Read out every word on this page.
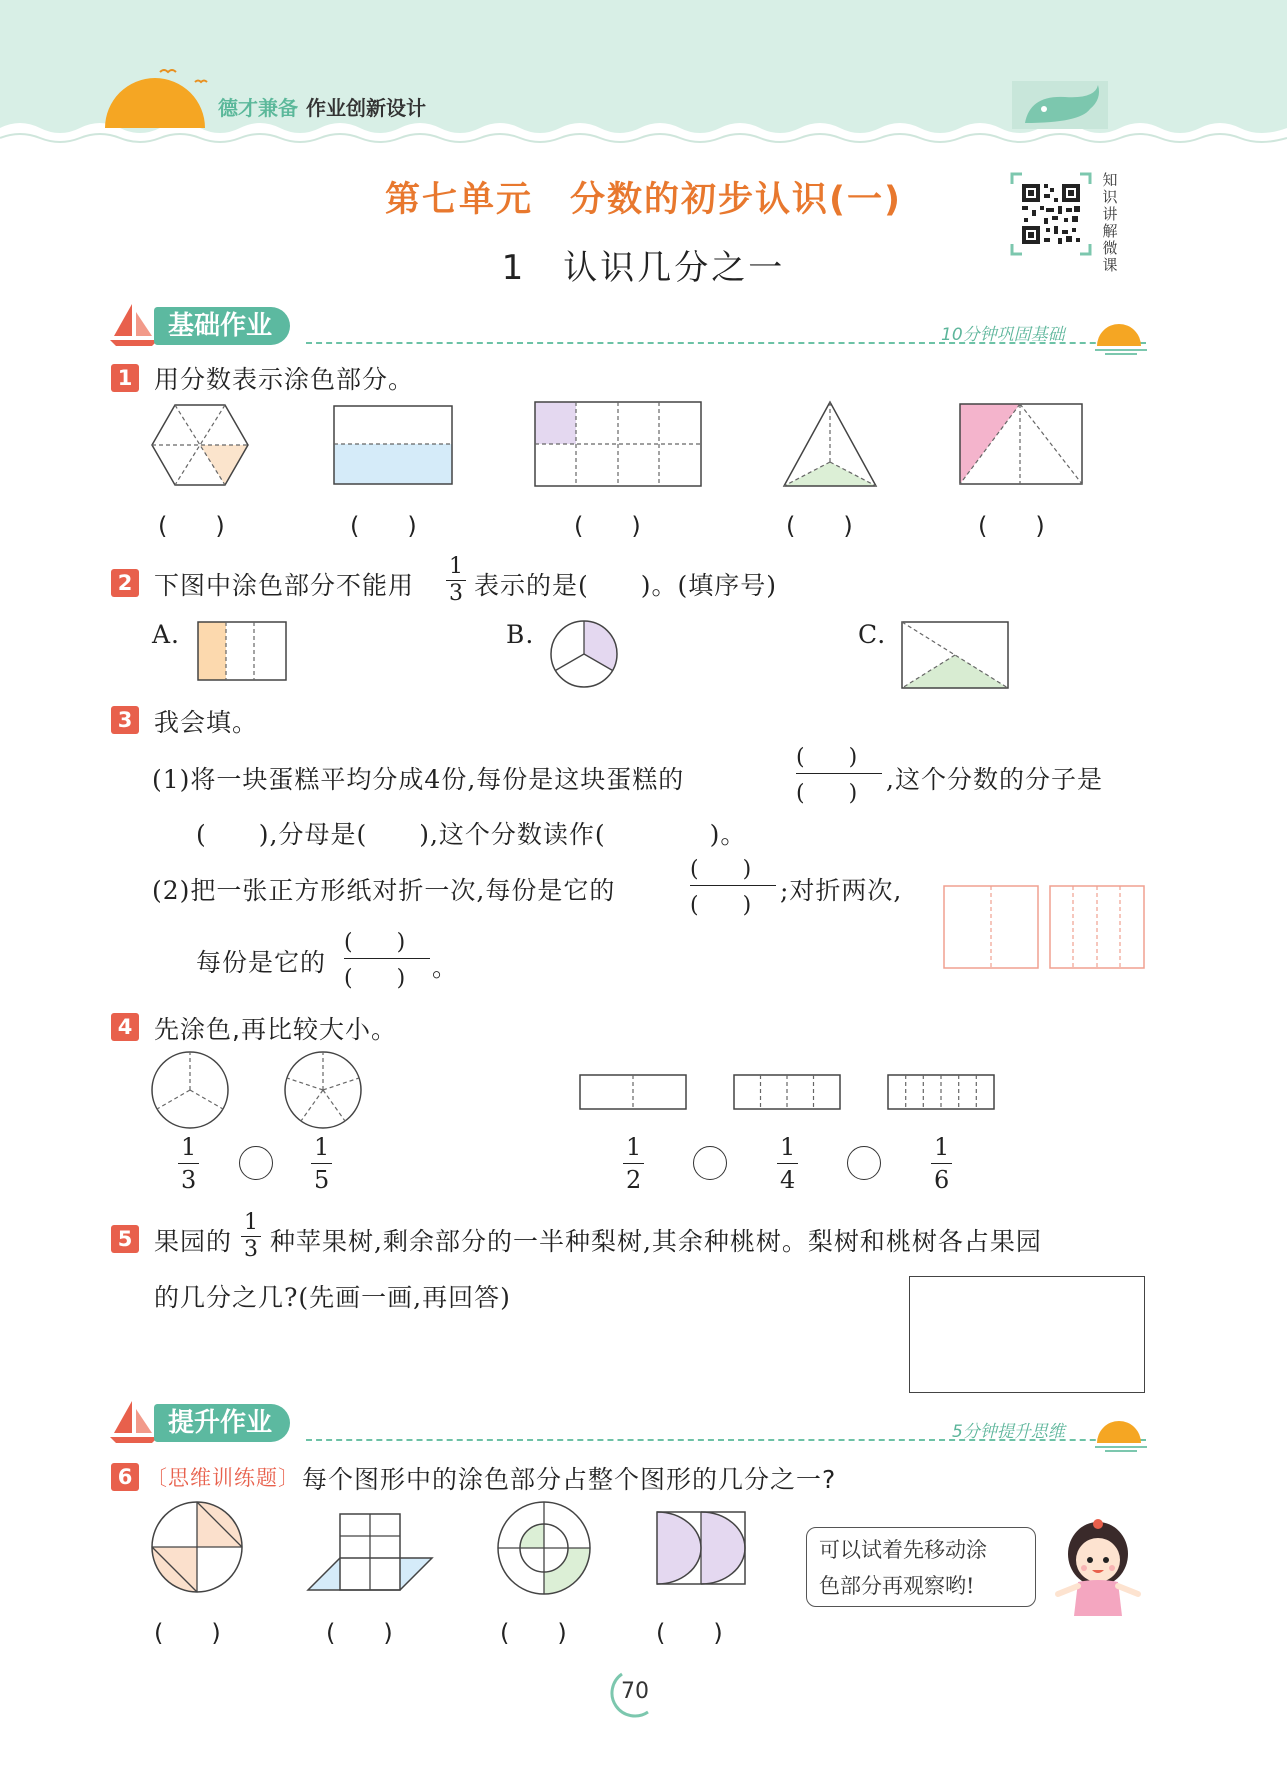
德才兼备 作业创新设计
第七单元　分数的初步认识(一)
1　认识几分之一
知识讲解微课
基础作业	10分钟巩固基础
1 用分数表示涂色部分。
(　　)	(　　)	(　　)	(　　)	(　　)
2 下图中涂色部分不能用 $\frac{1}{3}$ 表示的是(　　)。(填序号)
A.	B.	C.
3 我会填。
(1)将一块蛋糕平均分成4份,每份是这块蛋糕的
(　　)
(　　)	,这个分数的分子是
(　　),分母是(　　),这个分数读作(　　　　)。
(2)把一张正方形纸对折一次,每份是它的
(　　)
(　　)
;对折两次,
每份是它的
(　　)
(　　)	。
4 先涂色,再比较大小。
$\frac{1}{3}$	$\frac{1}{5}$	$\frac{1}{2}$	$\frac{1}{4}$	$\frac{1}{6}$
5 果园的 $\frac{1}{3}$ 种苹果树,剩余部分的一半种梨树,其余种桃树。梨树和桃树各占果园
的几分之几?(先画一画,再回答)
提升作业	5分钟提升思维
6 〔思维训练题〕 每个图形中的涂色部分占整个图形的几分之一?
(　　)	(　　)	(　　)	(　　)
可以试着先移动涂
色部分再观察哟!
70
